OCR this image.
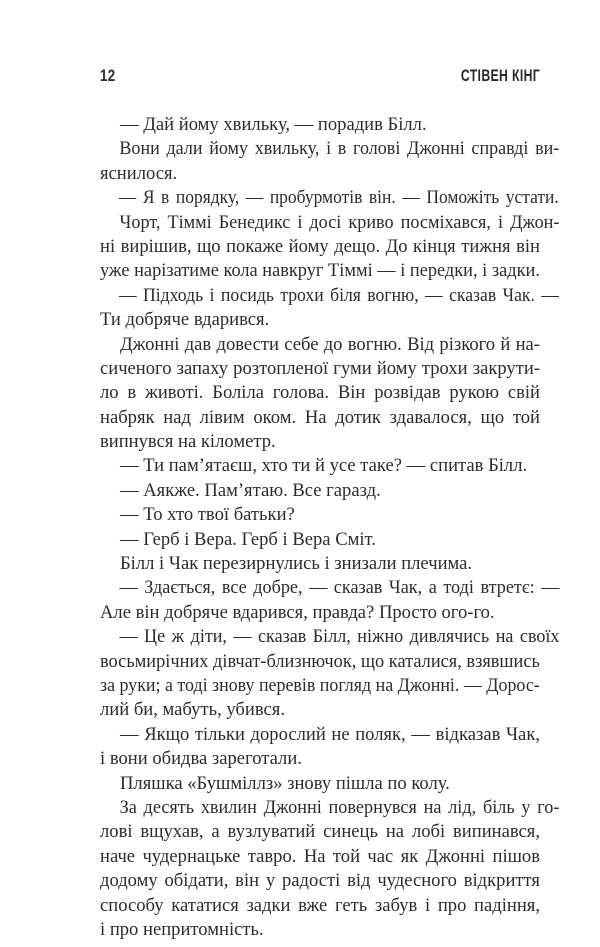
12	СТІВЕН КІНГ
— Дай йому хвильку, — порадив Білл.
Вони дали йому хвильку, і в голові Джонні справді ви-
яснилося.
— Я в порядку, — пробурмотів він. — Поможіть устати.
Чорт, Тіммі Бенедикс і досі криво посміхався, і Джон-
ні вирішив, що покаже йому дещо. До кінця тижня він
уже нарізатиме кола навкруг Тіммі — і передки, і задки.
— Підходь і посидь трохи біля вогню, — сказав Чак. —
Ти добряче вдарився.
Джонні дав довести себе до вогню. Від різкого й на-
сиченого запаху розтопленої гуми йому трохи закрути-
ло в животі. Боліла голова. Він розвідав рукою свій
набряк над лівим оком. На дотик здавалося, що той
випнувся на кілометр.
— Ти пам’ятаєш, хто ти й усе таке? — спитав Білл.
— Аякже. Пам’ятаю. Все гаразд.
— То хто твої батьки?
— Герб і Вера. Герб і Вера Сміт.
Білл і Чак перезирнулись і знизали плечима.
— Здається, все добре, — сказав Чак, а тоді втретє: —
Але він добряче вдарився, правда? Просто ого-го.
— Це ж діти, — сказав Білл, ніжно дивлячись на своїх
восьмирічних дівчат-близнючок, що каталися, взявшись
за руки; а тоді знову перевів погляд на Джонні. — Дорос-
лий би, мабуть, убився.
— Якщо тільки дорослий не поляк, — відказав Чак,
і вони обидва зареготали.
Пляшка «Бушміллз» знову пішла по колу.
За десять хвилин Джонні повернувся на лід, біль у го-
лові вщухав, а вузлуватий синець на лобі випинався,
наче чудернацьке тавро. На той час як Джонні пішов
додому обідати, він у радості від чудесного відкриття
способу кататися задки вже геть забув і про падіння,
і про непритомність.
